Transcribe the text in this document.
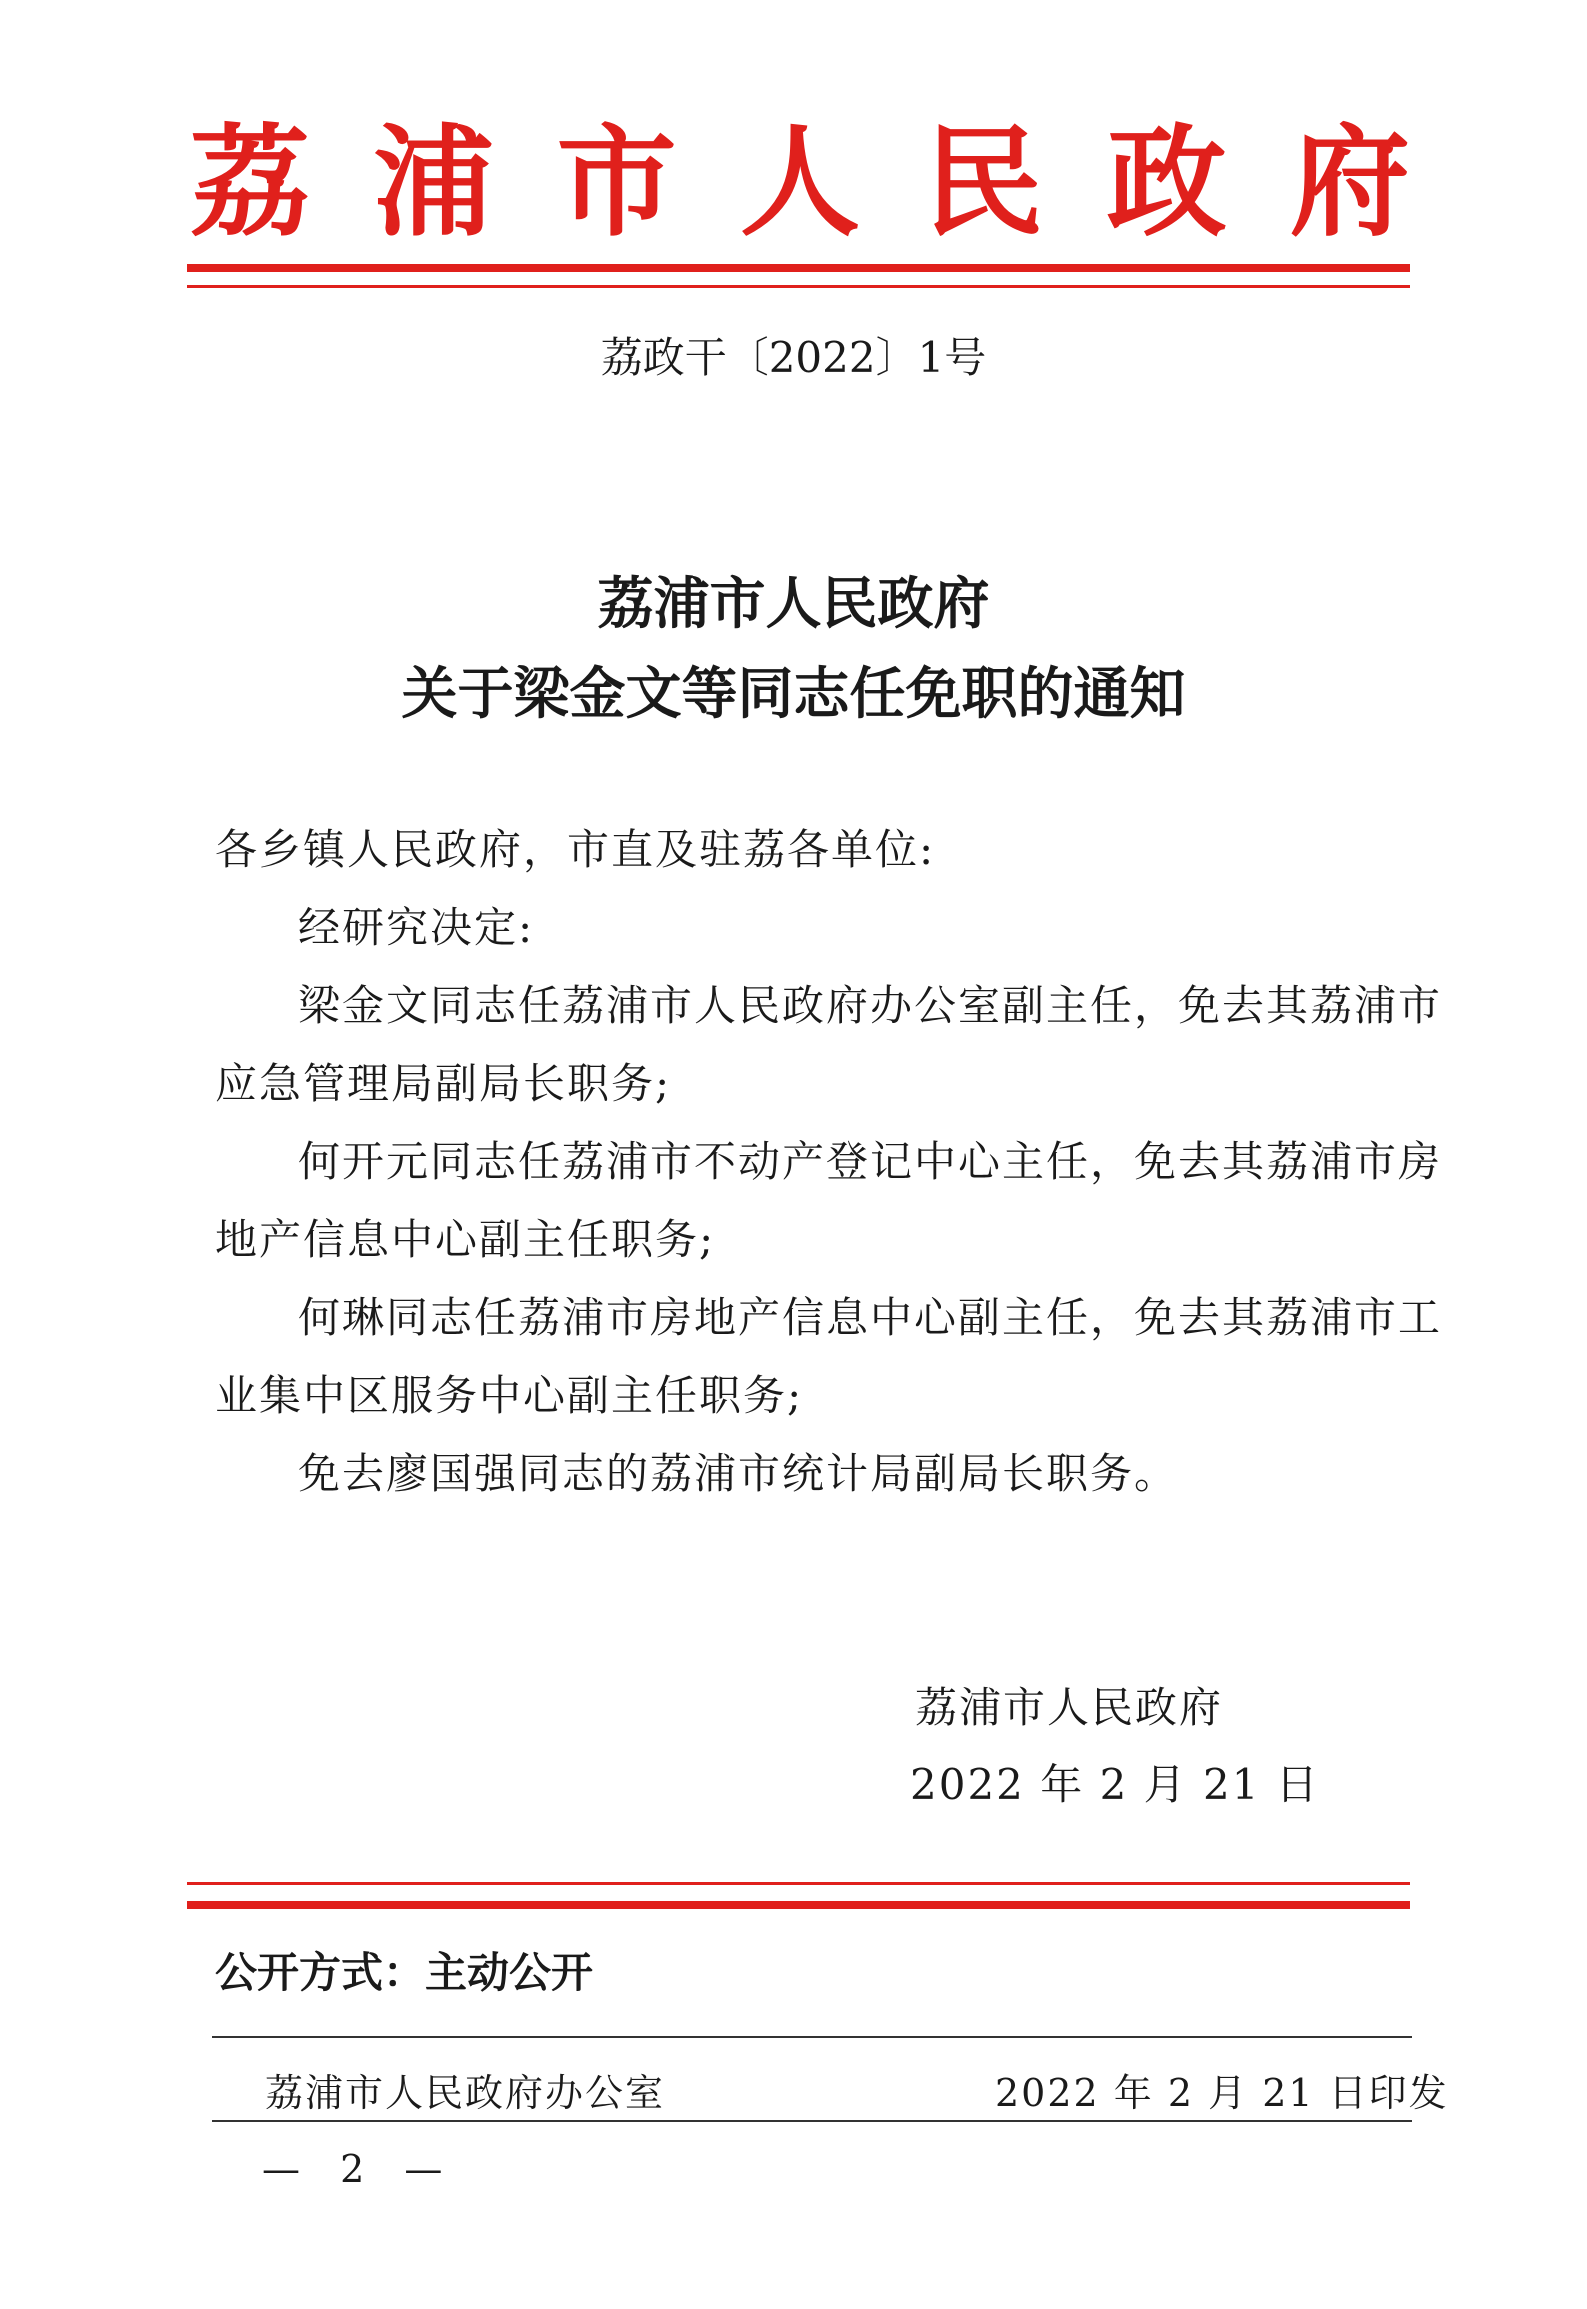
荔 浦 市 人 民 政 府
荔政干〔2022〕1号
荔浦市人民政府
关于梁金文等同志任免职的通知
各乡镇人民政府，市直及驻荔各单位:
经研究决定:
梁金文同志任荔浦市人民政府办公室副主任，免去其荔浦市
应急管理局副局长职务;
何开元同志任荔浦市不动产登记中心主任，免去其荔浦市房
地产信息中心副主任职务;
何琳同志任荔浦市房地产信息中心副主任，免去其荔浦市工
业集中区服务中心副主任职务;
免去廖国强同志的荔浦市统计局副局长职务。
荔浦市人民政府
2022 年 2 月 21 日
公开方式：主动公开
荔浦市人民政府办公室	2022 年 2 月 21 日印发
— 2 —
